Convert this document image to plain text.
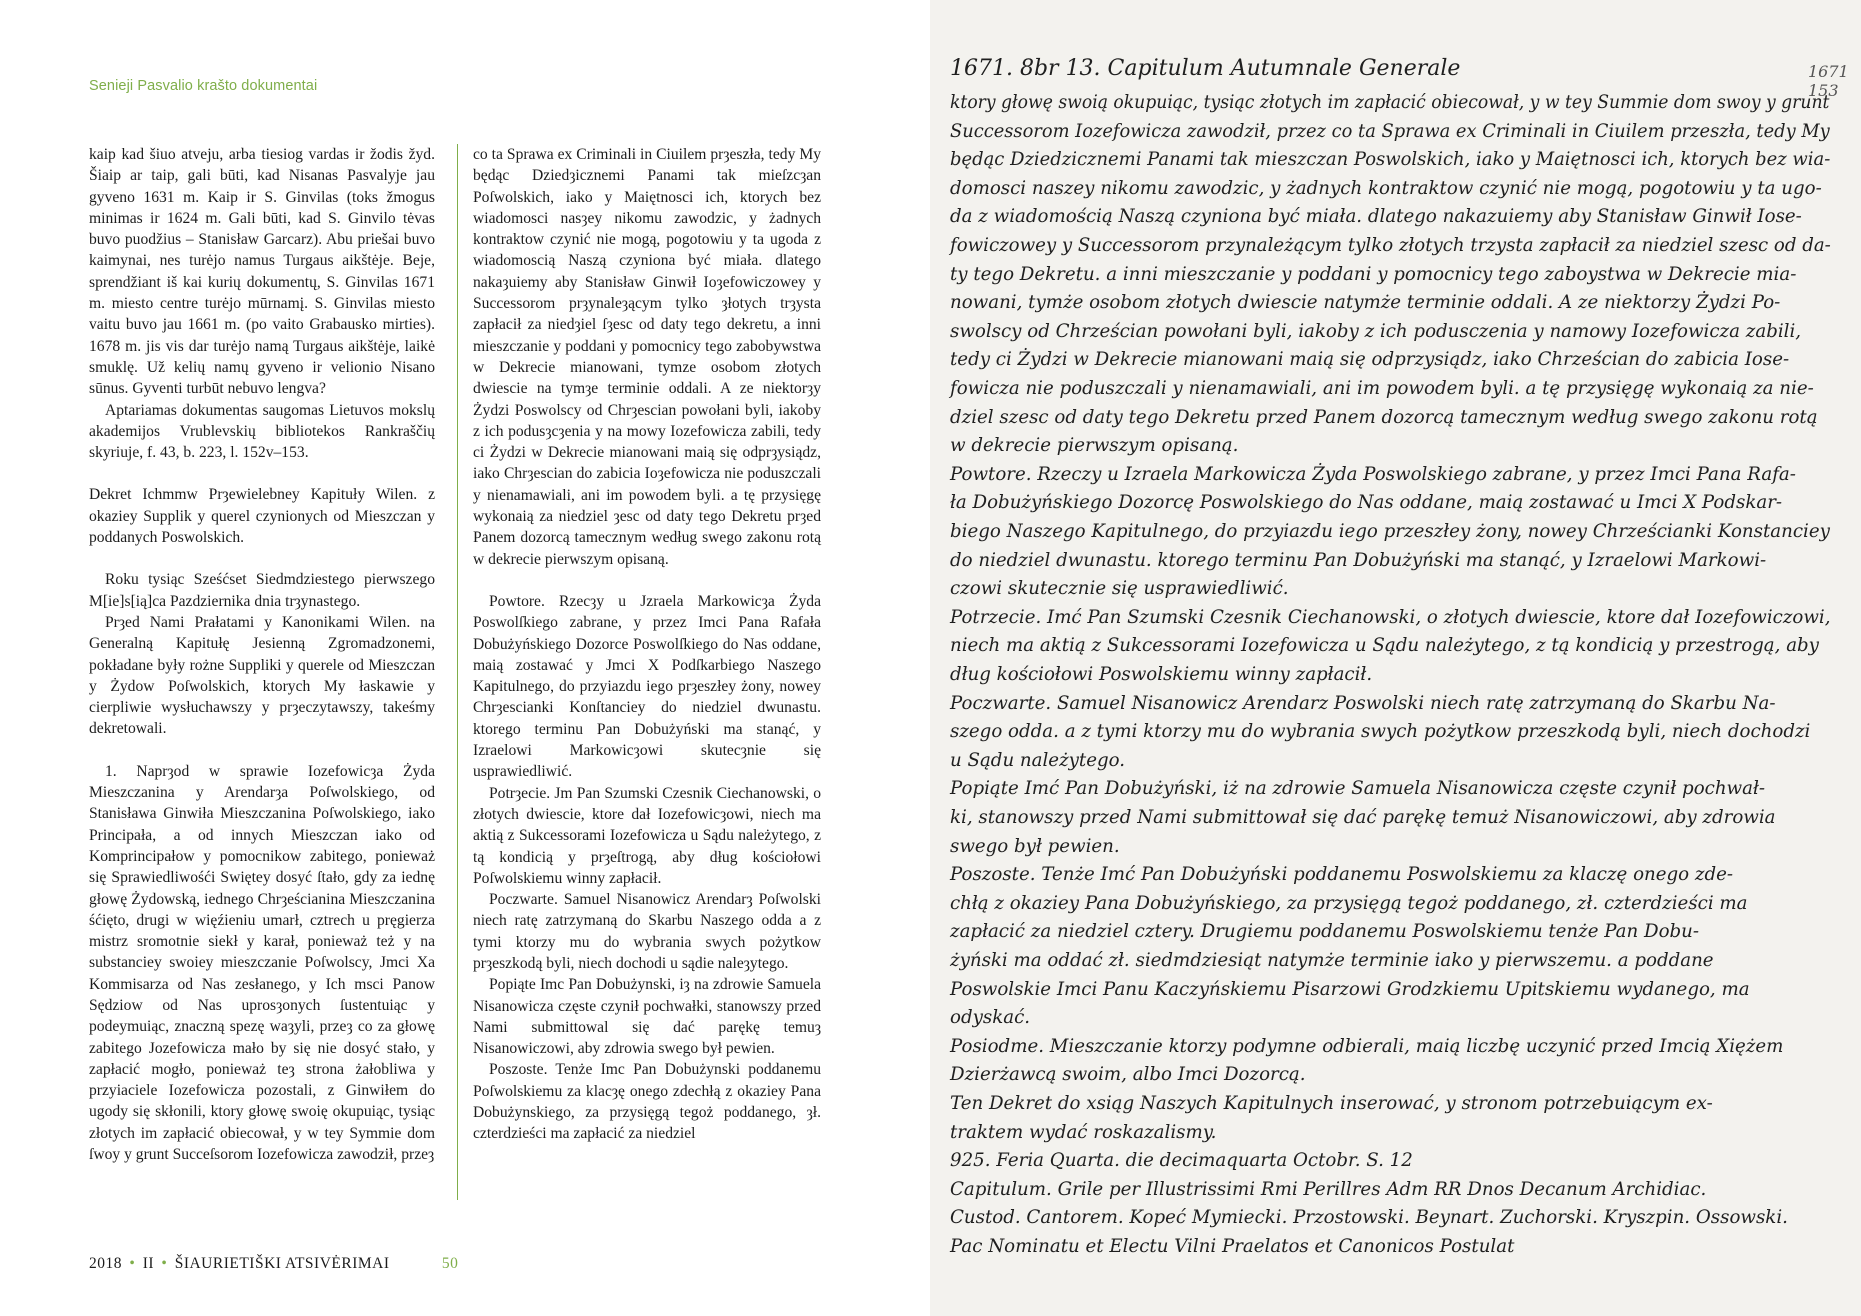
Senieji Pasvalio krašto dokumentai

kaip kad šiuo atveju, arba tiesiog vardas ir žodis žyd. Šiaip ar taip, gali būti, kad Nisanas Pasvalyje jau gyveno 1631 m. Kaip ir S. Ginvilas (toks žmogus minimas ir 1624 m. Gali būti, kad S. Ginvilo tėvas buvo puodžius – Stanisław Garcarz). Abu priešai buvo kaimynai, nes turėjo namus Turgaus aikštėje. Beje, sprendžiant iš kai kurių dokumentų, S. Ginvilas 1671 m. miesto centre turėjo mūrnamį. S. Ginvilas miesto vaitu buvo jau 1661 m. (po vaito Grabausko mirties). 1678 m. jis vis dar turėjo namą Turgaus aikštėje, laikė smuklę. Už kelių namų gyveno ir velionio Nisano sūnus. Gyventi turbūt nebuvo lengva?

Aptariamas dokumentas saugomas Lietuvos mokslų akademijos Vrublevskių bibliotekos Rankraščių skyriuje, f. 43, b. 223, l. 152v–153.

Dekret Ichmmw Prȝewielebney Kapituły Wilen. z okaziey Supplik y querel czynionych od Mieszczan y poddanych Poswolskich.

Roku tysiąc Sześćset Siedmdziestego pierwszego M[ie]s[ią]ca Pazdziernika dnia trȝynastego.

Prȝed Nami Prałatami y Kanonikami Wilen. na Generalną Kapitułę Jesienną Zgromadzonemi, pokładane były rożne Suppliki y querele od Mieszczan y Żydow Poſwolskich, ktorych My łaskawie y cierpliwie wysłuchawszy y prȝeczytawszy, takeśmy dekretowali.

1. Naprȝod w sprawie Iozefowicȝa Żyda Mieszczanina y Arendarȝa Poſwolskiego, od Stanisława Ginwiła Mieszczanina Poſwolskiego, iako Principała, a od innych Mieszczan iako od Komprincipałow y pomocnikow zabitego, ponieważ się Sprawiedliwośći Swiętey dosyć ſtało, gdy za iednę głowę Żydowską, iednego Chrȝeścianina Mieszczanina śćięto, drugi w więźieniu umarł, cztrech u pręgierza mistrz sromotnie siekł y karał, ponieważ też y na substanciey swoiey mieszczanie Poſwolscy, Jmci Xa Kommisarza od Nas zesłanego, y Ich msci Panow Sędziow od Nas uprosȝonych ſustentuiąc y podeymuiąc, znaczną spezę waȝyli, przeȝ co za głowę zabitego Jozefowicza mało by się nie dosyć stało, y zapłacić mogło, ponieważ teȝ strona żałobliwa y przyiaciele Iozefowicza pozostali, z Ginwiłem do ugody się skłonili, ktory głowę swoię okupuiąc, tysiąc złotych im zapłacić obiecował, y w tey Symmie dom ſwoy y grunt Succeſsorom Iozefowicza zawodził, przeȝ

co ta Sprawa ex Criminali in Ciuilem prȝeszła, tedy My będąc Dziedȝicznemi Panami tak mieſzcȝan Poſwolskich, iako y Maiętnosci ich, ktorych bez wiadomosci nasȝey nikomu zawodzic, y żadnych kontraktow czynić nie mogą, pogotowiu y ta ugoda z wiadomoscią Naszą czyniona być miała. dlatego nakaȝuiemy aby Stanisław Ginwił Ioȝefowiczowey y Successorom prȝynaleȝącym tylko ȝłotych trȝysta zapłacił za niedȝiel ſȝesc od daty tego dekretu, a inni mieszczanie y poddani y pomocnicy tego zabobywstwa w Dekrecie mianowani, tymze osobom złotych dwiescie na tymȝe terminie oddali. A ze niektorȝy Żydzi Poswolscy od Chrȝescian powołani byli, iakoby z ich podusȝcȝenia y na mowy Iozefowicza zabili, tedy ci Żydzi w Dekrecie mianowani maią się odprȝysiądz, iako Chrȝescian do zabicia Ioȝefowicza nie poduszczali y nienamawiali, ani im powodem byli. a tę przysięgę wykonaią za niedziel ȝesc od daty tego Dekretu prȝed Panem dozorcą tamecznym według swego zakonu rotą w dekrecie pierwszym opisaną.

Powtore. Rzecȝy u Jzraela Markowicȝa Żyda Poswolſkiego zabrane, y przez Imci Pana Rafała Dobużyńskiego Dozorce Poswolſkiego do Nas oddane, maią zostawać y Jmci X Podſkarbiego Naszego Kapitulnego, do przyiazdu iego prȝeszłey żony, nowey Chrȝescianki Konſtanciey do niedziel dwunastu. ktorego terminu Pan Dobużyński ma stanąć, y Izraelowi Markowicȝowi skutecȝnie się usprawiedliwić.

Potrȝecie. Jm Pan Szumski Czesnik Ciechanowski, o złotych dwiescie, ktore dał Iozefowicȝowi, niech ma aktią z Sukcessorami Iozefowicza u Sądu należytego, z tą kondicią y prȝeſtrogą, aby dług kościołowi Poſwolskiemu winny zapłacił.

Poczwarte. Samuel Nisanowicz Arendarȝ Poſwolski niech ratę zatrzymaną do Skarbu Naszego odda a z tymi ktorzy mu do wybrania swych pożytkow prȝeszkodą byli, niech dochodi u sądie naleȝytego.

Popiąte Imc Pan Dobużynski, iȝ na zdrowie Samuela Nisanowicza częste czynił pochwałki, stanowszy przed Nami submittowal się dać parękę temuȝ Nisanowiczowi, aby zdrowia swego był pewien.

Poszoste. Tenże Imc Pan Dobużynski poddanemu Poſwolskiemu za klacȝę onego zdechłą z okaziey Pana Dobużynskiego, za przysięgą tegoż poddanego, ȝł. czterdzieści ma zapłacić za niedziel

2018 • II • ŠIAURIETIŠKI ATSIVĖRIMAI	50
1671 153
1671. 8br 13. Capitulum Autumnale Generale
ktory głowę swoią okupuiąc, tysiąc złotych im zapłacić obiecował, y w tey Summie dom swoy y grunt
Successorom Iozefowicza zawodził, przez co ta Sprawa ex Criminali in Ciuilem przeszła, tedy My
będąc Dziedzicznemi Panami tak mieszczan Poswolskich, iako y Maiętnosci ich, ktorych bez wia-
domosci naszey nikomu zawodzic, y żadnych kontraktow czynić nie mogą, pogotowiu y ta ugo-
da z wiadomością Naszą czyniona być miała. dlatego nakazuiemy aby Stanisław Ginwił Iose-
fowiczowey y Successorom przynależącym tylko złotych trzysta zapłacił za niedziel szesc od da-
ty tego Dekretu. a inni mieszczanie y poddani y pomocnicy tego zaboystwa w Dekrecie mia-
nowani, tymże osobom złotych dwiescie natymże terminie oddali. A ze niektorzy Żydzi Po-
swolscy od Chrześcian powołani byli, iakoby z ich podusczenia y namowy Iozefowicza zabili,
tedy ci Żydzi w Dekrecie mianowani maią się odprzysiądz, iako Chrześcian do zabicia Iose-
fowicza nie poduszczali y nienamawiali, ani im powodem byli. a tę przysięgę wykonaią za nie-
dziel szesc od daty tego Dekretu przed Panem dozorcą tamecznym według swego zakonu rotą
w dekrecie pierwszym opisaną.
Powtore. Rzeczy u Izraela Markowicza Żyda Poswolskiego zabrane, y przez Imci Pana Rafa-
ła Dobużyńskiego Dozorcę Poswolskiego do Nas oddane, maią zostawać u Imci X Podskar-
biego Naszego Kapitulnego, do przyiazdu iego przeszłey żony, nowey Chrześcianki Konstanciey
do niedziel dwunastu. ktorego terminu Pan Dobużyński ma stanąć, y Izraelowi Markowi-
czowi skutecznie się usprawiedliwić.
Potrzecie. Imć Pan Szumski Czesnik Ciechanowski, o złotych dwiescie, ktore dał Iozefowiczowi,
niech ma aktią z Sukcessorami Iozefowicza u Sądu należytego, z tą kondicią y przestrogą, aby
dług kościołowi Poswolskiemu winny zapłacił.
Poczwarte. Samuel Nisanowicz Arendarz Poswolski niech ratę zatrzymaną do Skarbu Na-
szego odda. a z tymi ktorzy mu do wybrania swych pożytkow przeszkodą byli, niech dochodzi
u Sądu należytego.
Popiąte Imć Pan Dobużyński, iż na zdrowie Samuela Nisanowicza częste czynił pochwał-
ki, stanowszy przed Nami submittował się dać parękę temuż Nisanowiczowi, aby zdrowia
swego był pewien.
Poszoste. Tenże Imć Pan Dobużyński poddanemu Poswolskiemu za klaczę onego zde-
chłą z okaziey Pana Dobużyńskiego, za przysięgą tegoż poddanego, zł. czterdzieści ma
zapłacić za niedziel cztery. Drugiemu poddanemu Poswolskiemu tenże Pan Dobu-
żyński ma oddać zł. siedmdziesiąt natymże terminie iako y pierwszemu. a poddane
Poswolskie Imci Panu Kaczyńskiemu Pisarzowi Grodzkiemu Upitskiemu wydanego, ma
odyskać.
Posiodme. Mieszczanie ktorzy podymne odbierali, maią liczbę uczynić przed Imcią Xiężem
Dzierżawcą swoim, albo Imci Dozorcą.
Ten Dekret do xsiąg Naszych Kapitulnych inserować, y stronom potrzebuiącym ex-
traktem wydać roskazalismy.
925. Feria Quarta. die decimaquarta Octobr. S. 12
Capitulum. Grile per Illustrissimi Rmi Perillres Adm RR Dnos Decanum Archidiac.
Custod. Cantorem. Kopeć Mymiecki. Przostowski. Beynart. Zuchorski. Kryszpin. Ossowski.
Pac Nominatu et Electu Vilni Praelatos et Canonicos Postulat
